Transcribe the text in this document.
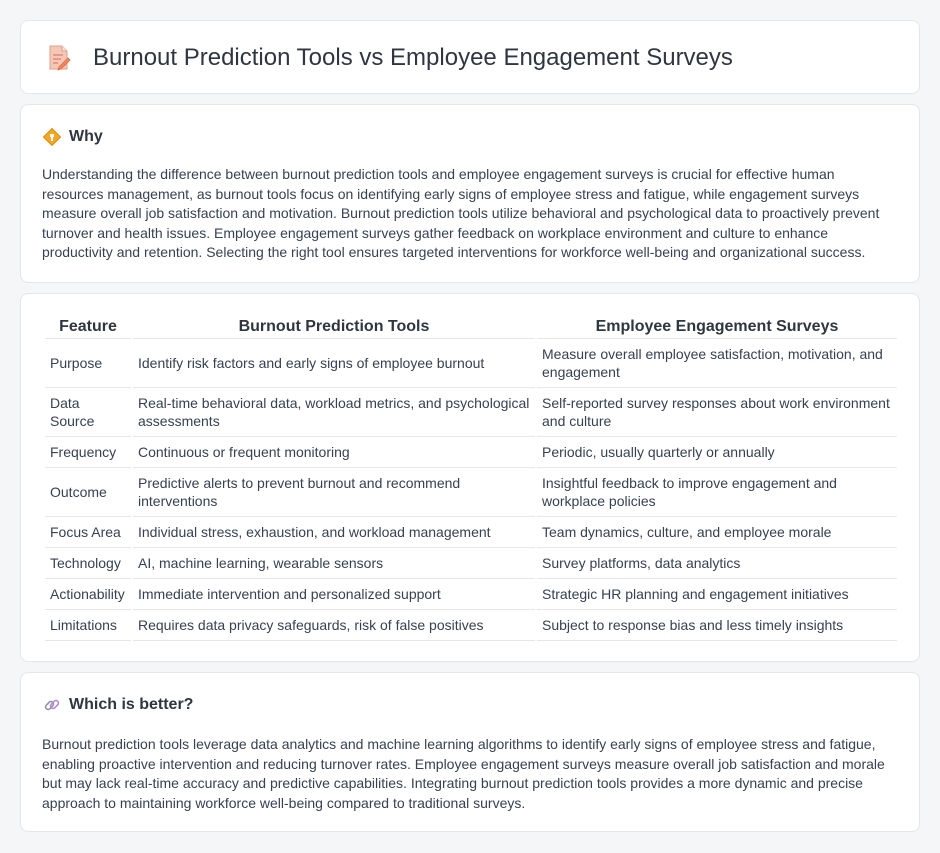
Burnout Prediction Tools vs Employee Engagement Surveys
Why

Understanding the difference between burnout prediction tools and employee engagement surveys is crucial for effective human resources management, as burnout tools focus on identifying early signs of employee stress and fatigue, while engagement surveys measure overall job satisfaction and motivation. Burnout prediction tools utilize behavioral and psychological data to proactively prevent turnover and health issues. Employee engagement surveys gather feedback on workplace environment and culture to enhance productivity and retention. Selecting the right tool ensures targeted interventions for workforce well-being and organizational success.

Feature	Burnout Prediction Tools	Employee Engagement Surveys
Purpose	Identify risk factors and early signs of employee burnout	Measure overall employee satisfaction, motivation, and engagement
Data Source	Real-time behavioral data, workload metrics, and psychological assessments	Self-reported survey responses about work environment and culture
Frequency	Continuous or frequent monitoring	Periodic, usually quarterly or annually
Outcome	Predictive alerts to prevent burnout and recommend interventions	Insightful feedback to improve engagement and workplace policies
Focus Area	Individual stress, exhaustion, and workload management	Team dynamics, culture, and employee morale
Technology	AI, machine learning, wearable sensors	Survey platforms, data analytics
Actionability	Immediate intervention and personalized support	Strategic HR planning and engagement initiatives
Limitations	Requires data privacy safeguards, risk of false positives	Subject to response bias and less timely insights
Which is better?

Burnout prediction tools leverage data analytics and machine learning algorithms to identify early signs of employee stress and fatigue, enabling proactive intervention and reducing turnover rates. Employee engagement surveys measure overall job satisfaction and morale but may lack real-time accuracy and predictive capabilities. Integrating burnout prediction tools provides a more dynamic and precise approach to maintaining workforce well-being compared to traditional surveys.
